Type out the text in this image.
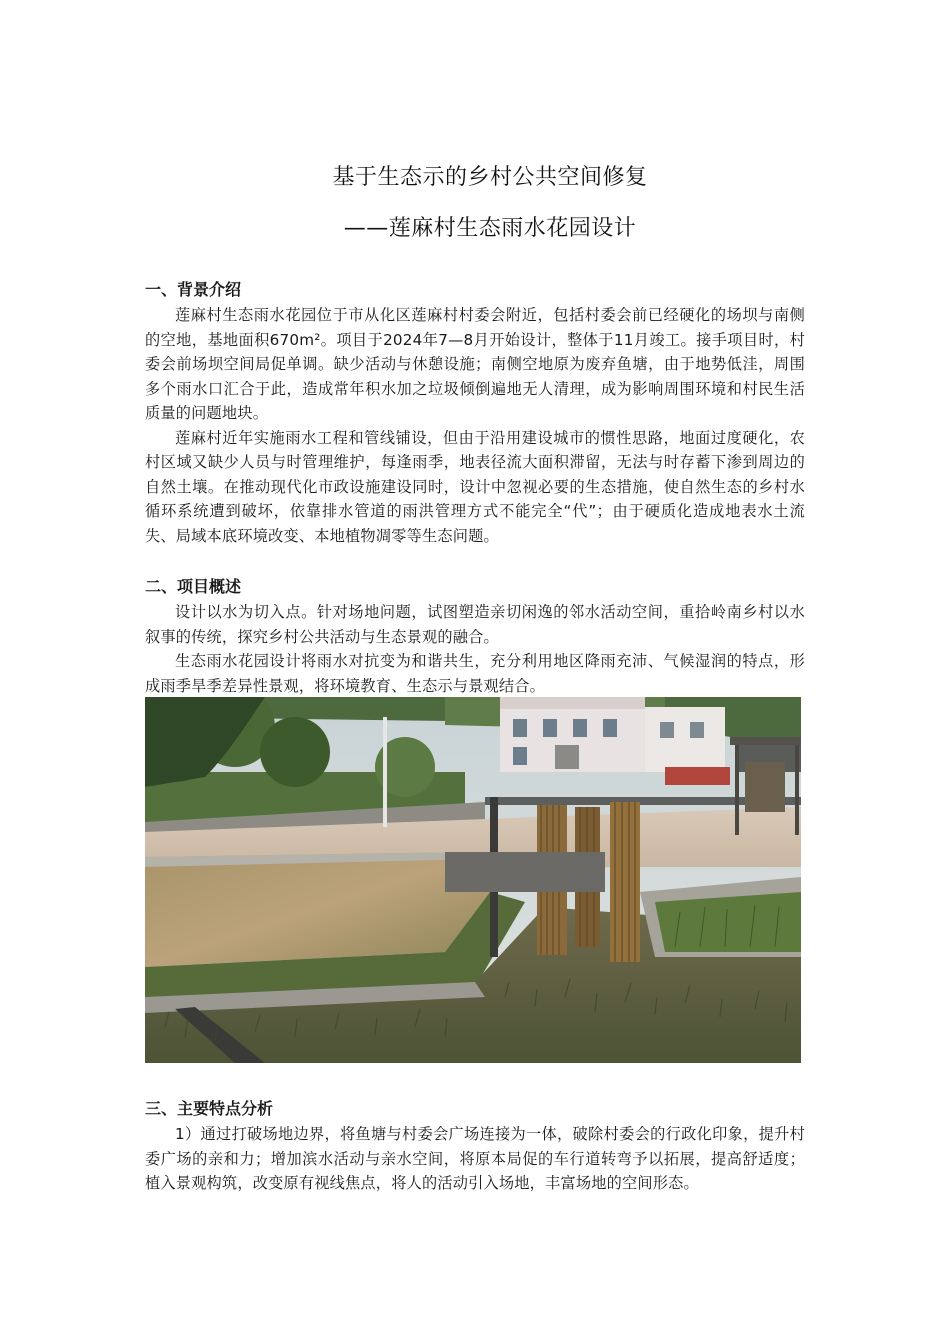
基于生态示的乡村公共空间修复
——莲麻村生态雨水花园设计
一、背景介绍
莲麻村生态雨水花园位于市从化区莲麻村村委会附近，包括村委会前已经硬化的场坝与南侧的空地，基地面积670m²。项目于2024年7—8月开始设计，整体于11月竣工。接手项目时，村委会前场坝空间局促单调。缺少活动与休憩设施；南侧空地原为废弃鱼塘，由于地势低洼，周围多个雨水口汇合于此，造成常年积水加之垃圾倾倒遍地无人清理，成为影响周围环境和村民生活质量的问题地块。
莲麻村近年实施雨水工程和管线铺设，但由于沿用建设城市的惯性思路，地面过度硬化，农村区域又缺少人员与时管理维护，每逢雨季，地表径流大面积滞留，无法与时存蓄下渗到周边的自然土壤。在推动现代化市政设施建设同时，设计中忽视必要的生态措施，使自然生态的乡村水循环系统遭到破坏，依靠排水管道的雨洪管理方式不能完全“代”；由于硬质化造成地表水土流失、局域本底环境改变、本地植物凋零等生态问题。
二、项目概述
设计以水为切入点。针对场地问题，试图塑造亲切闲逸的邻水活动空间，重拾岭南乡村以水叙事的传统，探究乡村公共活动与生态景观的融合。
生态雨水花园设计将雨水对抗变为和谐共生，充分利用地区降雨充沛、气候湿润的特点，形成雨季旱季差异性景观，将环境教育、生态示与景观结合。
三、主要特点分析
1）通过打破场地边界，将鱼塘与村委会广场连接为一体，破除村委会的行政化印象，提升村委广场的亲和力；增加滨水活动与亲水空间，将原本局促的车行道转弯予以拓展，提高舒适度；植入景观构筑，改变原有视线焦点，将人的活动引入场地，丰富场地的空间形态。
